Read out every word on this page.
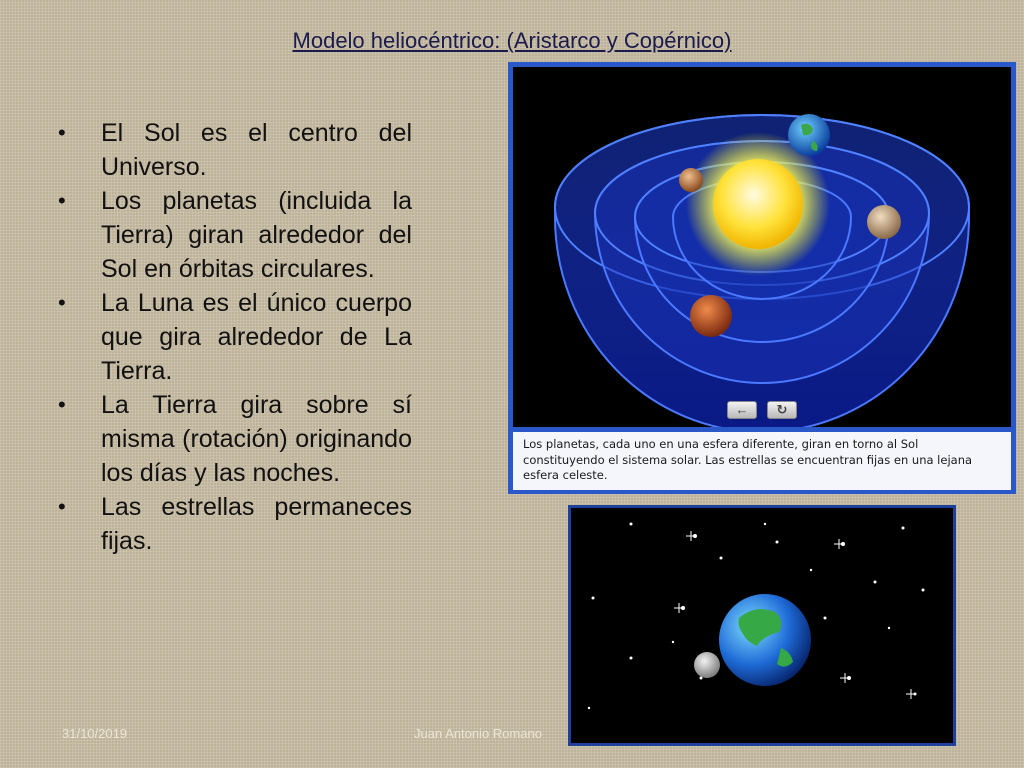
Modelo heliocéntrico: (Aristarco y Copérnico)
• El Sol es el centro del Universo.
• Los planetas (incluida la Tierra) giran alrededor del Sol en órbitas circulares.
• La Luna es el único cuerpo que gira alrededor de La Tierra.
• La Tierra gira sobre sí misma (rotación) originando los días y las noches.
• Las estrellas permaneces fijas.
←	↻
Los planetas, cada uno en una esfera diferente, giran en torno al Sol constituyendo el sistema solar. Las estrellas se encuentran fijas en una lejana esfera celeste.
31/10/2019	Juan Antonio Romano
